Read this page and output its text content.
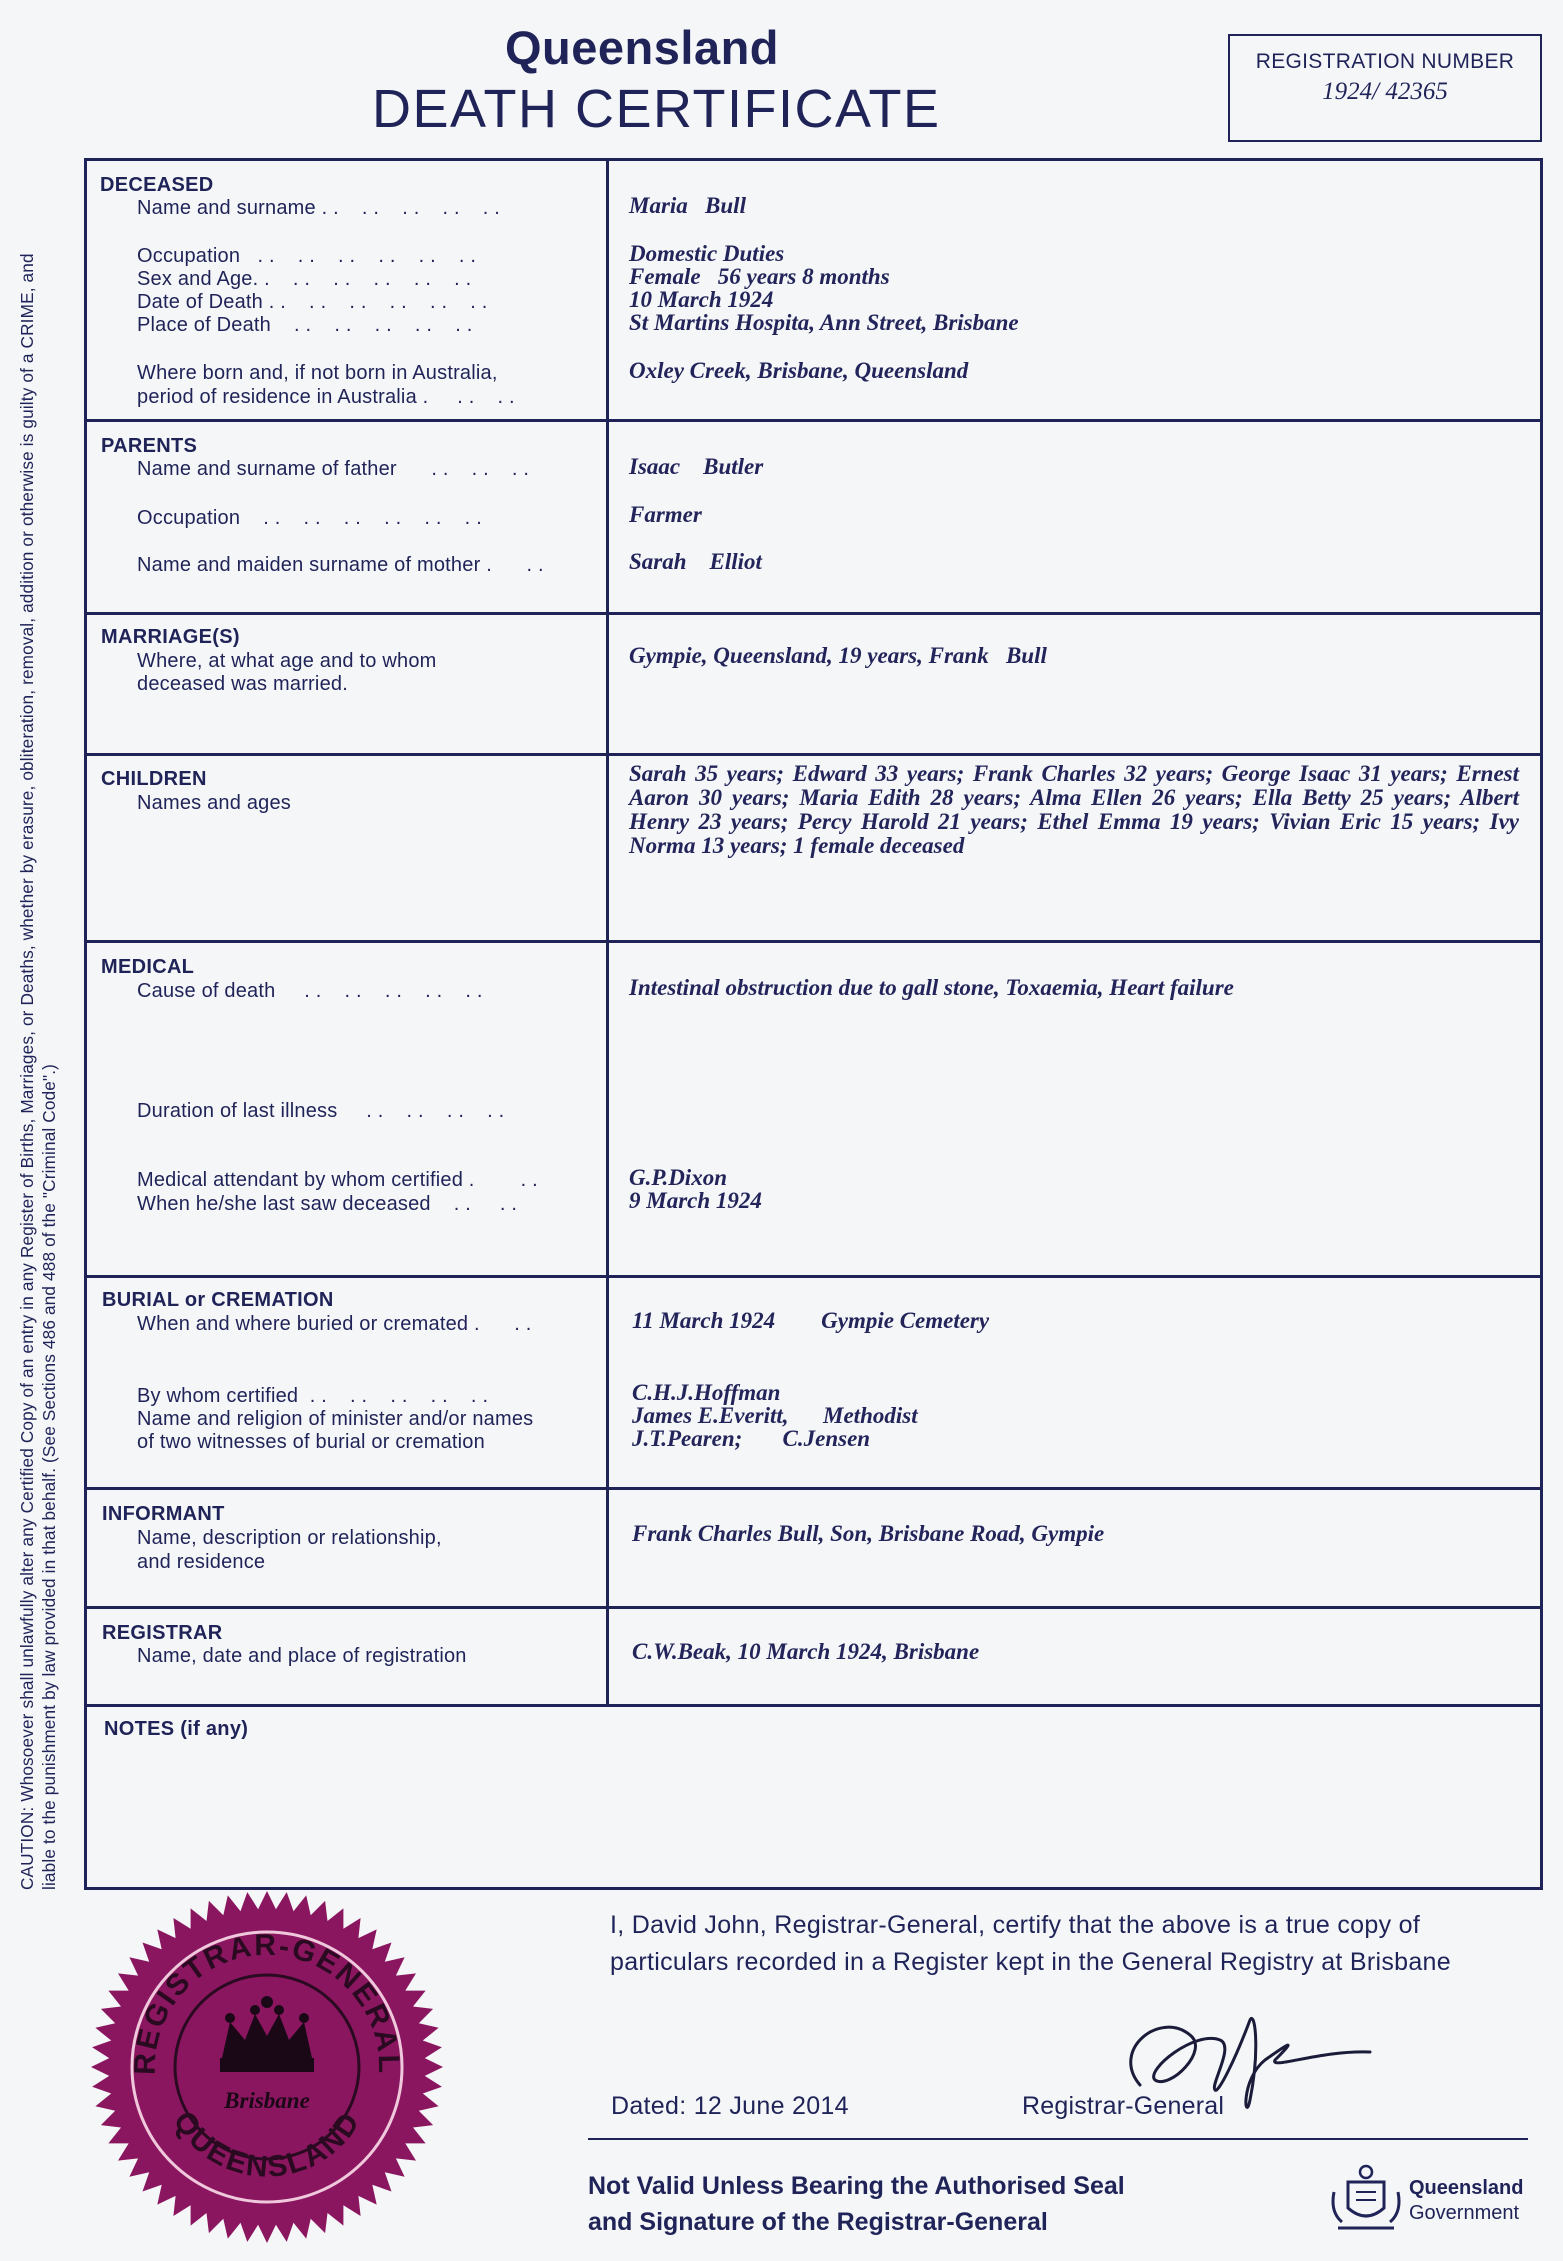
Queensland
DEATH CERTIFICATE
REGISTRATION NUMBER
1924/ 42365
CAUTION: Whosoever shall unlawfully alter any Certified Copy of an entry in any Register of Births, Marriages, or Deaths, whether by erasure, obliteration, removal, addition or otherwise is guilty of a CRIME, and liable to the punishment by law provided in that behalf. (See Sections 486 and 488 of the "Criminal Code".)
DECEASED
Name and surname . .    . .    . .    . .    . .	Maria   Bull
Occupation   . .    . .    . .    . .    . .    . .	Domestic Duties
Sex and Age. .    . .    . .    . .    . .    . .	Female   56 years 8 months
Date of Death . .    . .    . .    . .    . .    . .	10 March 1924
Place of Death    . .    . .    . .    . .    . .	St Martins Hospita, Ann Street, Brisbane
Where born and, if not born in Australia,
period of residence in Australia .     . .    . .
Oxley Creek, Brisbane, Queensland
PARENTS
Name and surname of father      . .    . .    . .	Isaac    Butler
Occupation    . .    . .    . .    . .    . .    . .	Farmer
Name and maiden surname of mother .      . .	Sarah    Elliot
MARRIAGE(S)
Where, at what age and to whom
deceased was married.
Gympie, Queensland, 19 years, Frank   Bull
CHILDREN
Names and ages
Sarah 35 years; Edward 33 years; Frank Charles 32 years; George Isaac 31 years; Ernest Aaron 30 years; Maria Edith 28 years; Alma Ellen 26 years; Ella Betty 25 years; Albert Henry 23 years; Percy Harold 21 years; Ethel Emma 19 years; Vivian Eric 15 years; Ivy Norma 13 years; 1 female deceased
MEDICAL
Cause of death     . .    . .    . .    . .    . .	Intestinal obstruction due to gall stone, Toxaemia, Heart failure
Duration of last illness     . .    . .    . .    . .
Medical attendant by whom certified .        . .	G.P.Dixon
When he/she last saw deceased    . .     . .	9 March 1924
BURIAL or CREMATION
When and where buried or cremated .      . .	11 March 1924        Gympie Cemetery
By whom certified  . .    . .    . .    . .    . .	C.H.J.Hoffman
Name and religion of minister and/or names	James E.Everitt,      Methodist
of two witnesses of burial or cremation	J.T.Pearen;       C.Jensen
INFORMANT
Name, description or relationship,
and residence
Frank Charles Bull, Son, Brisbane Road, Gympie
REGISTRAR
Name, date and place of registration	C.W.Beak, 10 March 1924, Brisbane
NOTES (if any)
REGISTRAR-GENERAL
QUEENSLAND
Brisbane
I, David John, Registrar-General, certify that the above is a true copy of particulars recorded in a Register kept in the General Registry at Brisbane
Dated: 12 June 2014	Registrar-General
Not Valid Unless Bearing the Authorised Seal
and Signature of the Registrar-General
Queensland
Government
